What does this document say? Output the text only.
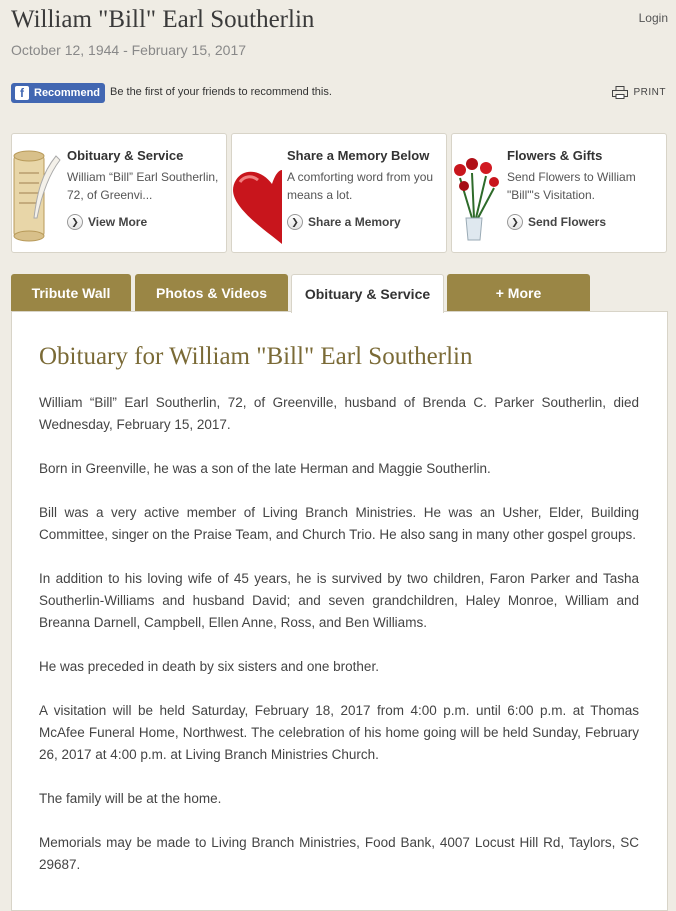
William "Bill" Earl Southerlin
October 12, 1944 - February 15, 2017
Login
f Recommend Be the first of your friends to recommend this.	PRINT
Obituary & Service
William “Bill” Earl Southerlin, 72, of Greenvi...
❯ View More
Share a Memory Below
A comforting word from you means a lot.
❯ Share a Memory
Flowers & Gifts
Send Flowers to William "Bill"'s Visitation.
❯ Send Flowers
Tribute Wall	Photos & Videos	Obituary & Service	+ More
Obituary for William "Bill" Earl Southerlin

William “Bill” Earl Southerlin, 72, of Greenville, husband of Brenda C. Parker Southerlin, died Wednesday, February 15, 2017.

Born in Greenville, he was a son of the late Herman and Maggie Southerlin.

Bill was a very active member of Living Branch Ministries. He was an Usher, Elder, Building Committee, singer on the Praise Team, and Church Trio. He also sang in many other gospel groups.

In addition to his loving wife of 45 years, he is survived by two children, Faron Parker and Tasha Southerlin-Williams and husband David; and seven grandchildren, Haley Monroe, William and Breanna Darnell, Campbell, Ellen Anne, Ross, and Ben Williams.

He was preceded in death by six sisters and one brother.

A visitation will be held Saturday, February 18, 2017 from 4:00 p.m. until 6:00 p.m. at Thomas McAfee Funeral Home, Northwest. The celebration of his home going will be held Sunday, February 26, 2017 at 4:00 p.m. at Living Branch Ministries Church.

The family will be at the home.

Memorials may be made to Living Branch Ministries, Food Bank, 4007 Locust Hill Rd, Taylors, SC 29687.
